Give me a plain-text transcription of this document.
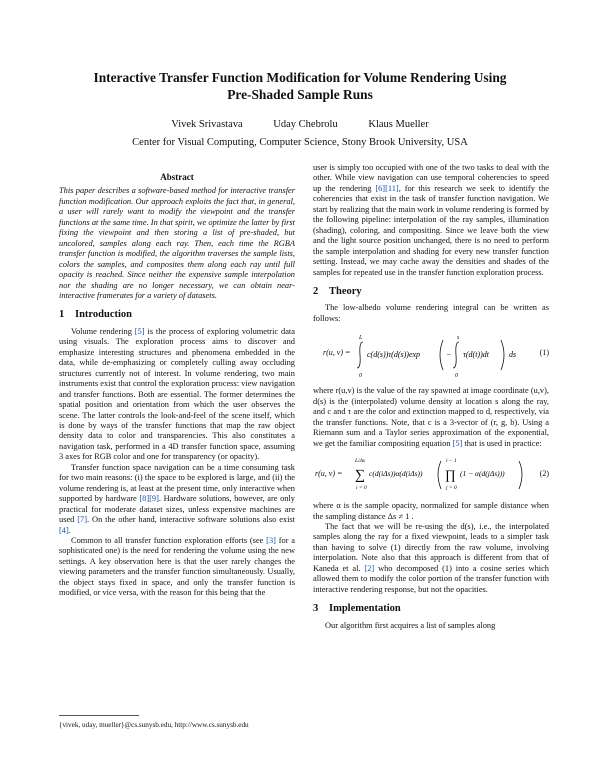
Interactive Transfer Function Modification for Volume Rendering Using
Pre-Shaded Sample Runs
Vivek Srivastava	Uday Chebrolu	Klaus Mueller
Center for Visual Computing, Computer Science, Stony Brook University, USA
Abstract

This paper describes a software-based method for interactive transfer function modification. Our approach exploits the fact that, in general, a user will rarely want to modify the viewpoint and the transfer functions at the same time. In that spirit, we optimize the latter by first fixing the viewpoint and then storing a list of pre-shaded, but uncolored, samples along each ray. Then, each time the RGBA transfer function is modified, the algorithm traverses the sample lists, colors the samples, and composites them along each ray until full opacity is reached. Since neither the expensive sample interpolation nor the shading are no longer necessary, we can obtain near-interactive framerates for a variety of datasets.

1 Introduction

Volume rendering [5] is the process of exploring volumetric data using visuals. The exploration process aims to discover and emphasize interesting structures and phenomena embedded in the data, while de-emphasizing or completely culling away occluding structures currently not of interest. In volume rendering, two main instruments exist that control the exploration process: view navigation and transfer functions. Both are essential. The former determines the spatial position and orientation from which the user observes the scene. The latter controls the look-and-feel of the scene itself, which is done by ways of the transfer functions that map the raw object density data to color and transparencies. This also constitutes a navigation task, performed in a 4D transfer function space, assuming 3 axes for RGB color and one for transparency (or opacity).

Transfer function space navigation can be a time consuming task for two main reasons: (i) the space to be explored is large, and (ii) the volume rendering is, at least at the present time, only interactive when supported by hardware [8][9]. Hardware solutions, however, are only practical for moderate dataset sizes, unless expensive machines are used [7]. On the other hand, interactive software solutions also exist [4].

Common to all transfer function exploration efforts (see [3] for a sophisticated one) is the need for rendering the volume using the new settings. A key observation here is that the user rarely changes the viewing parameters and the transfer function simultaneously. Usually, the object stays fixed in space, and only the transfer function is modified, or vice versa, with the reason for this being that the

user is simply too occupied with one of the two tasks to deal with the other. While view navigation can use temporal coherencies to speed up the rendering [6][11], for this research we seek to identify the coherencies that exist in the task of transfer function navigation. We start by realizing that the main work in volume rendering is formed by the following pipeline: interpolation of the ray samples, illumination (shading), coloring, and compositing. Since we leave both the view and the light source position unchanged, there is no need to perform the sample interpolation and shading for every new transfer function setting. Instead, we may cache away the densities and shades of the samples for repeated use in the transfer function exploration process.

2 Theory

The low-albedo volume rendering integral can be written as follows:

r(u, v) =
L
0
c(d(s))τ(d(s))exp	−
s
0
τ(d(t))dt	ds	(1)

where r(u,v) is the value of the ray spawned at image coordinate (u,v), d(s) is the (interpolated) volume density at location s along the ray, and c and τ are the color and extinction mapped to d, respectively, via the transfer functions. Note, that c is a 3-vector of (r, g, b). Using a Riemann sum and a Taylor series approximation of the exponential, we get the familiar compositing equation [5] that is used in practice:

r(u, v) =
L/Δs
∑
i = 0
c(d(iΔs))α(d(iΔs))
i − 1
∏
j = 0
(1 − α(d(jΔs)))	(2)

where α is the sample opacity, normalized for sample distance when the sampling distance Δs ≠ 1 .

The fact that we will be re-using the d(s), i.e., the interpolated samples along the ray for a fixed viewpoint, leads to a simpler task than having to solve (1) directly from the raw volume, involving interpolation. Note also that this approach is different from that of Kaneda et al. [2] who decomposed (1) into a cosine series which allowed them to modify the color portion of the transfer function with interactive rendering response, but not the opacities.

3 Implementation

Our algorithm first acquires a list of samples along

{vivek, uday, mueller}@cs.sunysb.edu, http://www.cs.sunysb.edu
